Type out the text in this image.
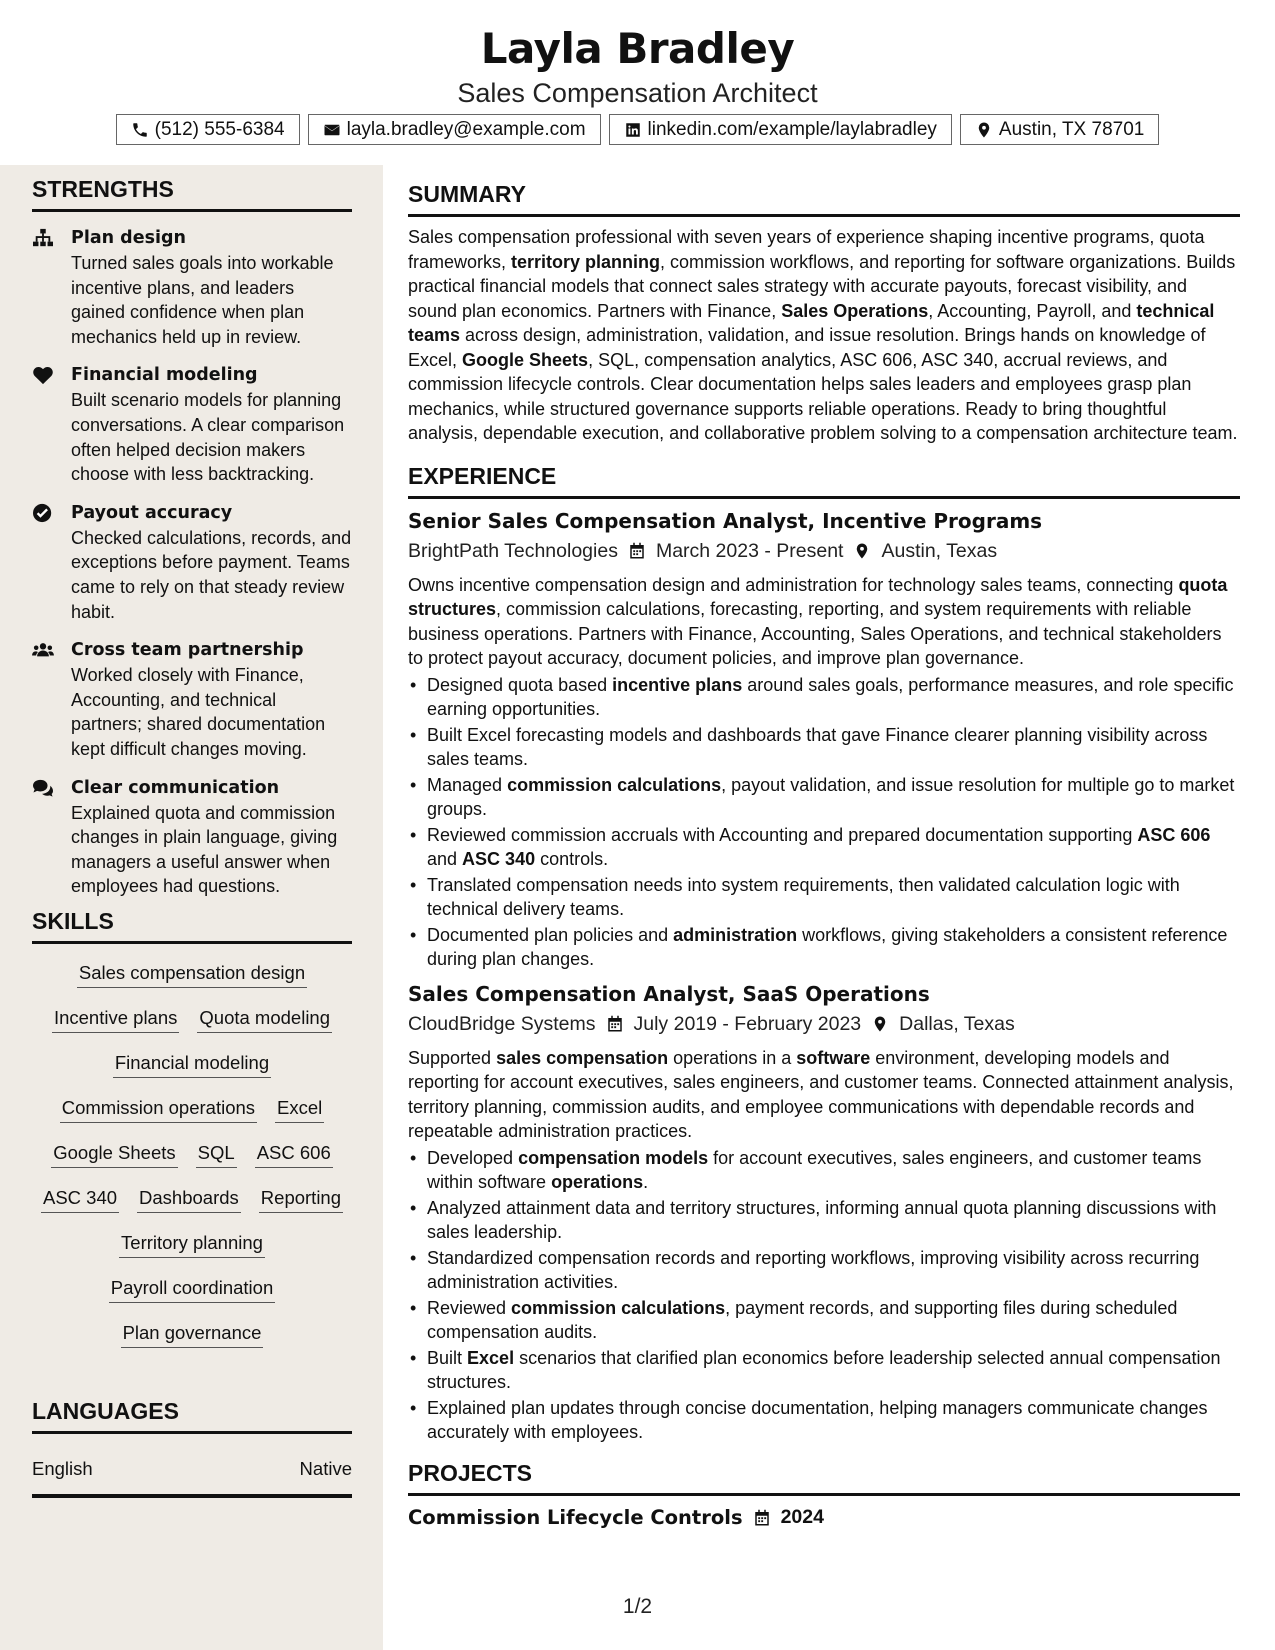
Layla Bradley
Sales Compensation Architect
(512) 555-6384	layla.bradley@example.com	linkedin.com/example/laylabradley	Austin, TX 78701
STRENGTHS
Plan design
Turned sales goals into workable incentive plans, and leaders gained confidence when plan mechanics held up in review.
Financial modeling
Built scenario models for planning conversations. A clear comparison often helped decision makers choose with less backtracking.
Payout accuracy
Checked calculations, records, and exceptions before payment. Teams came to rely on that steady review habit.
Cross team partnership
Worked closely with Finance, Accounting, and technical partners; shared documentation kept difficult changes moving.
Clear communication
Explained quota and commission changes in plain language, giving managers a useful answer when employees had questions.
SKILLS
Sales compensation design
Incentive plans Quota modeling
Financial modeling
Commission operations Excel
Google Sheets SQL ASC 606
ASC 340 Dashboards Reporting
Territory planning
Payroll coordination
Plan governance
LANGUAGES
English	Native
SUMMARY
Sales compensation professional with seven years of experience shaping incentive programs, quota frameworks, territory planning, commission workflows, and reporting for software organizations. Builds practical financial models that connect sales strategy with accurate payouts, forecast visibility, and sound plan economics. Partners with Finance, Sales Operations, Accounting, Payroll, and technical teams across design, administration, validation, and issue resolution. Brings hands on knowledge of Excel, Google Sheets, SQL, compensation analytics, ASC 606, ASC 340, accrual reviews, and commission lifecycle controls. Clear documentation helps sales leaders and employees grasp plan mechanics, while structured governance supports reliable operations. Ready to bring thoughtful analysis, dependable execution, and collaborative problem solving to a compensation architecture team.
EXPERIENCE
Senior Sales Compensation Analyst, Incentive Programs
BrightPath Technologies March 2023 - Present Austin, Texas
Owns incentive compensation design and administration for technology sales teams, connecting quota structures, commission calculations, forecasting, reporting, and system requirements with reliable business operations. Partners with Finance, Accounting, Sales Operations, and technical stakeholders to protect payout accuracy, document policies, and improve plan governance.
• Designed quota based incentive plans around sales goals, performance measures, and role specific earning opportunities.
• Built Excel forecasting models and dashboards that gave Finance clearer planning visibility across sales teams.
• Managed commission calculations, payout validation, and issue resolution for multiple go to market groups.
• Reviewed commission accruals with Accounting and prepared documentation supporting ASC 606 and ASC 340 controls.
• Translated compensation needs into system requirements, then validated calculation logic with technical delivery teams.
• Documented plan policies and administration workflows, giving stakeholders a consistent reference during plan changes.
Sales Compensation Analyst, SaaS Operations
CloudBridge Systems July 2019 - February 2023 Dallas, Texas
Supported sales compensation operations in a software environment, developing models and reporting for account executives, sales engineers, and customer teams. Connected attainment analysis, territory planning, commission audits, and employee communications with dependable records and repeatable administration practices.
• Developed compensation models for account executives, sales engineers, and customer teams within software operations.
• Analyzed attainment data and territory structures, informing annual quota planning discussions with sales leadership.
• Standardized compensation records and reporting workflows, improving visibility across recurring administration activities.
• Reviewed commission calculations, payment records, and supporting files during scheduled compensation audits.
• Built Excel scenarios that clarified plan economics before leadership selected annual compensation structures.
• Explained plan updates through concise documentation, helping managers communicate changes accurately with employees.
PROJECTS
Commission Lifecycle Controls 2024
1/2
